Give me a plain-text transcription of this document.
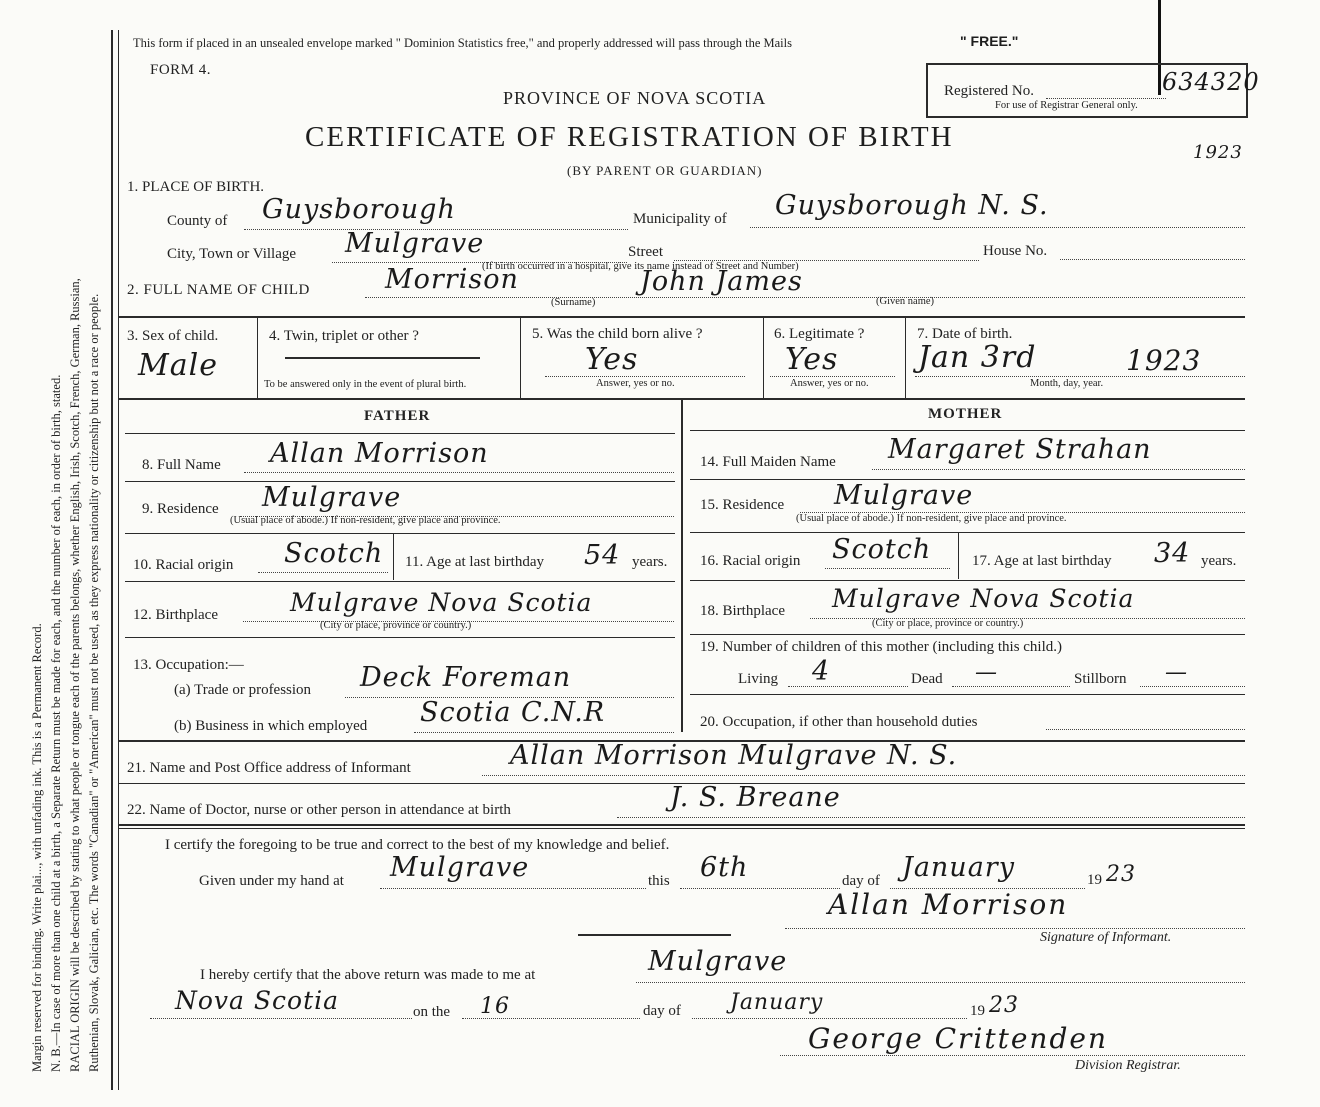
Margin reserved for binding. Write plai..., with unfading ink. This is a Permanent Record. N. B.—In case of more than one child at a birth, a Separate Return must be made for each, and the number of each, in order of birth, stated. RACIAL ORIGIN will be described by stating to what people or tongue each of the parents belongs, whether English, Irish, Scotch, French, German, Russian, Ruthenian, Slovak, Galician, etc. The words "Canadian" or "American" must not be used, as they express nationality or citizenship but not a race or people.
This form if placed in an unsealed envelope marked " Dominion Statistics free," and properly addressed will pass through the Mails	" FREE."
FORM 4.
PROVINCE OF NOVA SCOTIA
CERTIFICATE OF REGISTRATION OF BIRTH
(BY PARENT OR GUARDIAN)
Registered No.	634320
For use of Registrar General only.
1923
1. PLACE OF BIRTH.
County of Guysborough	Municipality of Guysborough N. S.
City, Town or Village Mulgrave	Street	House No.
(If birth occurred in a hospital, give its name instead of Street and Number)
2. FULL NAME OF CHILD	Morrison	John James
(Surname)	(Given name)
3. Sex of child.
Male
4. Twin, triplet or other ?
To be answered only in the event of plural birth.
5. Was the child born alive ?
Yes
Answer, yes or no.
6. Legitimate ?
Yes
Answer, yes or no.
7. Date of birth.
Jan 3rd	1923
Month, day, year.
FATHER
8. Full Name Allan Morrison
9. Residence Mulgrave
(Usual place of abode.) If non-resident, give place and province.
10. Racial origin Scotch 11. Age at last birthday 54 years.
12. Birthplace	Mulgrave Nova Scotia
(City or place, province or country.)
13. Occupation:—
(a) Trade or profession Deck Foreman
(b) Business in which employed Scotia C.N.R
MOTHER
14. Full Maiden Name Margaret Strahan
15. Residence Mulgrave
(Usual place of abode.) If non-resident, give place and province.
16. Racial origin Scotch	17. Age at last birthday 34 years.
18. Birthplace Mulgrave Nova Scotia
(City or place, province or country.)
19. Number of children of this mother (including this child.)
Living 4	Dead —	Stillborn —
20. Occupation, if other than household duties
21. Name and Post Office address of Informant	Allan Morrison Mulgrave N. S.
22. Name of Doctor, nurse or other person in attendance at birth	J. S. Breane
I certify the foregoing to be true and correct to the best of my knowledge and belief.
Given under my hand at Mulgrave	this 6th	day of January	19 23
Allan Morrison
Signature of Informant.
I hereby certify that the above return was made to me at	Mulgrave
Nova Scotia	on the 16	day of January	19 23
George Crittenden
Division Registrar.
